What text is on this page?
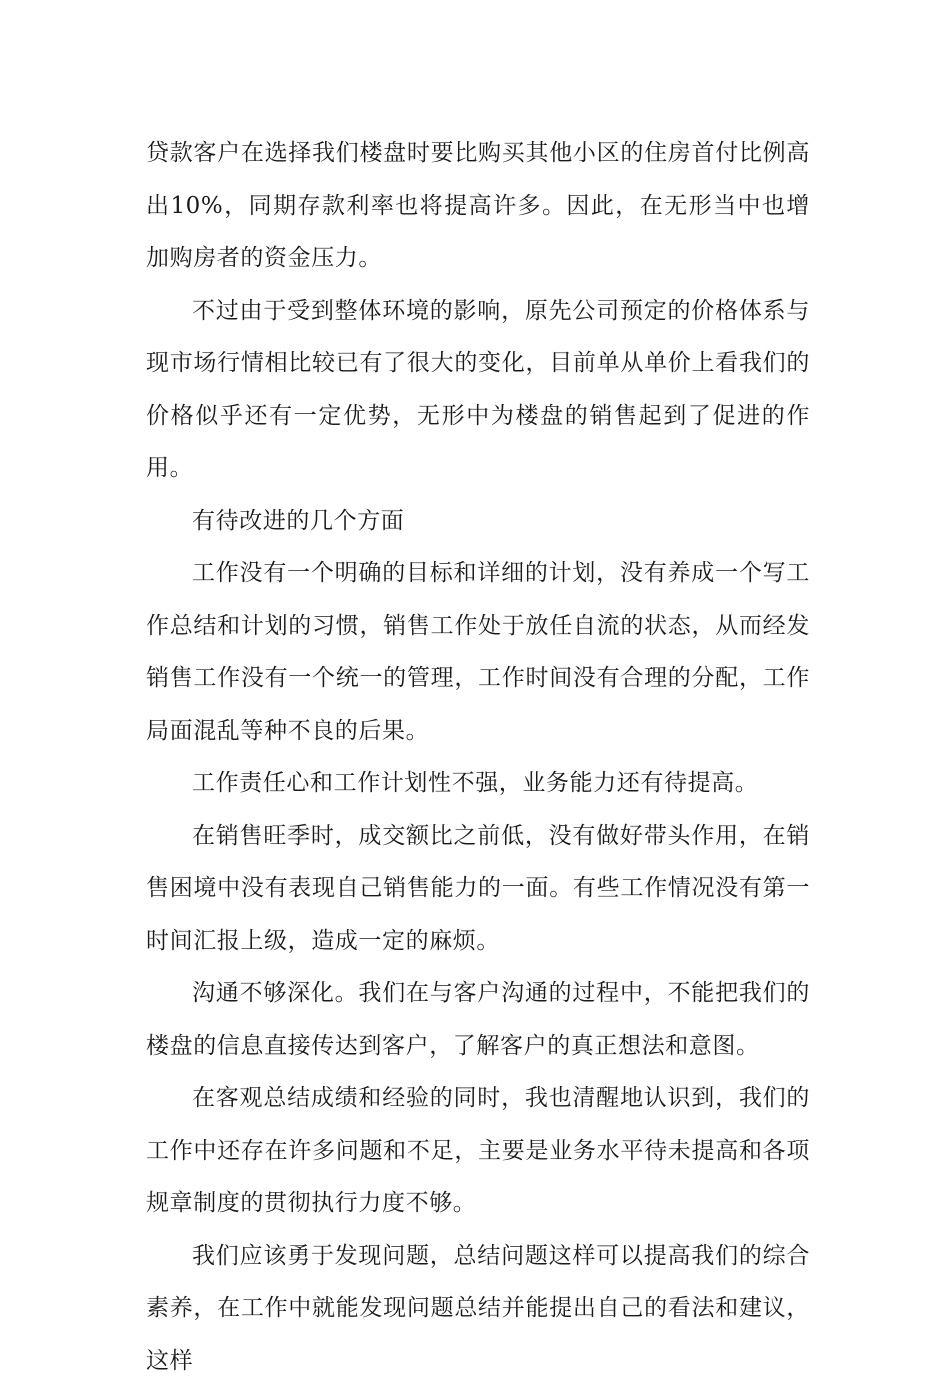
贷款客户在选择我们楼盘时要比购买其他小区的住房首付比例高出10%，同期存款利率也将提高许多。因此，在无形当中也增加购房者的资金压力。

不过由于受到整体环境的影响，原先公司预定的价格体系与现市场行情相比较已有了很大的变化，目前单从单价上看我们的价格似乎还有一定优势，无形中为楼盘的销售起到了促进的作用。

有待改进的几个方面

工作没有一个明确的目标和详细的计划，没有养成一个写工作总结和计划的习惯，销售工作处于放任自流的状态，从而经发销售工作没有一个统一的管理，工作时间没有合理的分配，工作局面混乱等种不良的后果。

工作责任心和工作计划性不强，业务能力还有待提高。

在销售旺季时，成交额比之前低，没有做好带头作用，在销售困境中没有表现自己销售能力的一面。有些工作情况没有第一时间汇报上级，造成一定的麻烦。

沟通不够深化。我们在与客户沟通的过程中，不能把我们的楼盘的信息直接传达到客户，了解客户的真正想法和意图。

在客观总结成绩和经验的同时，我也清醒地认识到，我们的工作中还存在许多问题和不足，主要是业务水平待未提高和各项规章制度的贯彻执行力度不够。

我们应该勇于发现问题，总结问题这样可以提高我们的综合素养，在工作中就能发现问题总结并能提出自己的看法和建议，这样
